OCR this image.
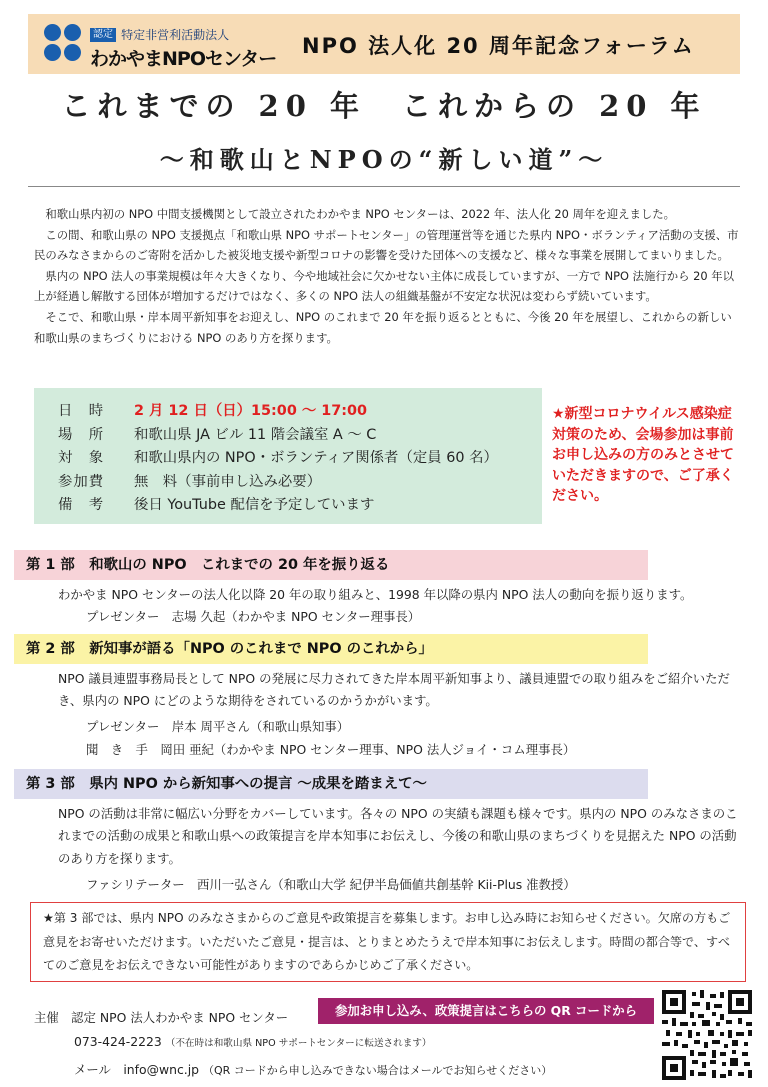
認定 特定非営利活動法人
わかやまNPOセンター
NPO 法人化 20 周年記念フォーラム
これまでの 20 年　これからの 20 年
〜和歌山とNPOの“新しい道”〜

和歌山県内初の NPO 中間支援機関として設立されたわかやま NPO センターは、2022 年、法人化 20 周年を迎えました。

この間、和歌山県の NPO 支援拠点「和歌山県 NPO サポートセンター」の管理運営等を通じた県内 NPO・ボランティア活動の支援、市民のみなさまからのご寄附を活かした被災地支援や新型コロナの影響を受けた団体への支援など、様々な事業を展開してまいりました。

県内の NPO 法人の事業規模は年々大きくなり、今や地域社会に欠かせない主体に成長していますが、一方で NPO 法施行から 20 年以上が経過し解散する団体が増加するだけではなく、多くの NPO 法人の組織基盤が不安定な状況は変わらず続いています。

そこで、和歌山県・岸本周平新知事をお迎えし、NPO のこれまで 20 年を振り返るとともに、今後 20 年を展望し、これからの新しい和歌山県のまちづくりにおける NPO のあり方を探ります。

日　時	2 月 12 日（日）15:00 〜 17:00
場　所	和歌山県 JA ビル 11 階会議室 A 〜 C
対　象	和歌山県内の NPO・ボランティア関係者（定員 60 名）
参加費	無　料（事前申し込み必要）
備　考	後日 YouTube 配信を予定しています
★新型コロナウイルス感染症対策のため、会場参加は事前お申し込みの方のみとさせていただきますので、ご了承ください。
第 1 部　和歌山の NPO　これまでの 20 年を振り返る
わかやま NPO センターの法人化以降 20 年の取り組みと、1998 年以降の県内 NPO 法人の動向を振り返ります。
プレゼンター　志場 久起（わかやま NPO センター理事長）
第 2 部　新知事が語る「NPO のこれまで NPO のこれから」
NPO 議員連盟事務局長として NPO の発展に尽力されてきた岸本周平新知事より、議員連盟での取り組みをご紹介いただき、県内の NPO にどのような期待をされているのかうかがいます。
プレゼンター　岸本 周平さん（和歌山県知事）
聞　き　手　岡田 亜紀（わかやま NPO センター理事、NPO 法人ジョイ・コム理事長）
第 3 部　県内 NPO から新知事への提言 〜成果を踏まえて〜
NPO の活動は非常に幅広い分野をカバーしています。各々の NPO の実績も課題も様々です。県内の NPO のみなさまのこれまでの活動の成果と和歌山県への政策提言を岸本知事にお伝えし、今後の和歌山県のまちづくりを見据えた NPO の活動のあり方を探ります。
ファシリテーター　西川一弘さん（和歌山大学 紀伊半島価値共創基幹 Kii-Plus 准教授）
★第 3 部では、県内 NPO のみなさまからのご意見や政策提言を募集します。お申し込み時にお知らせください。欠席の方もご意見をお寄せいただけます。いただいたご意見・提言は、とりまとめたうえで岸本知事にお伝えします。時間の都合等で、すべてのご意見をお伝えできない可能性がありますのであらかじめご了承ください。
主催　 認定 NPO 法人わかやま NPO センター
073-424-2223 （不在時は和歌山県 NPO サポートセンターに転送されます）
メール　 info@wnc.jp （QR コードから申し込みできない場合はメールでお知らせください）
参加お申し込み、政策提言はこちらの QR コードから
